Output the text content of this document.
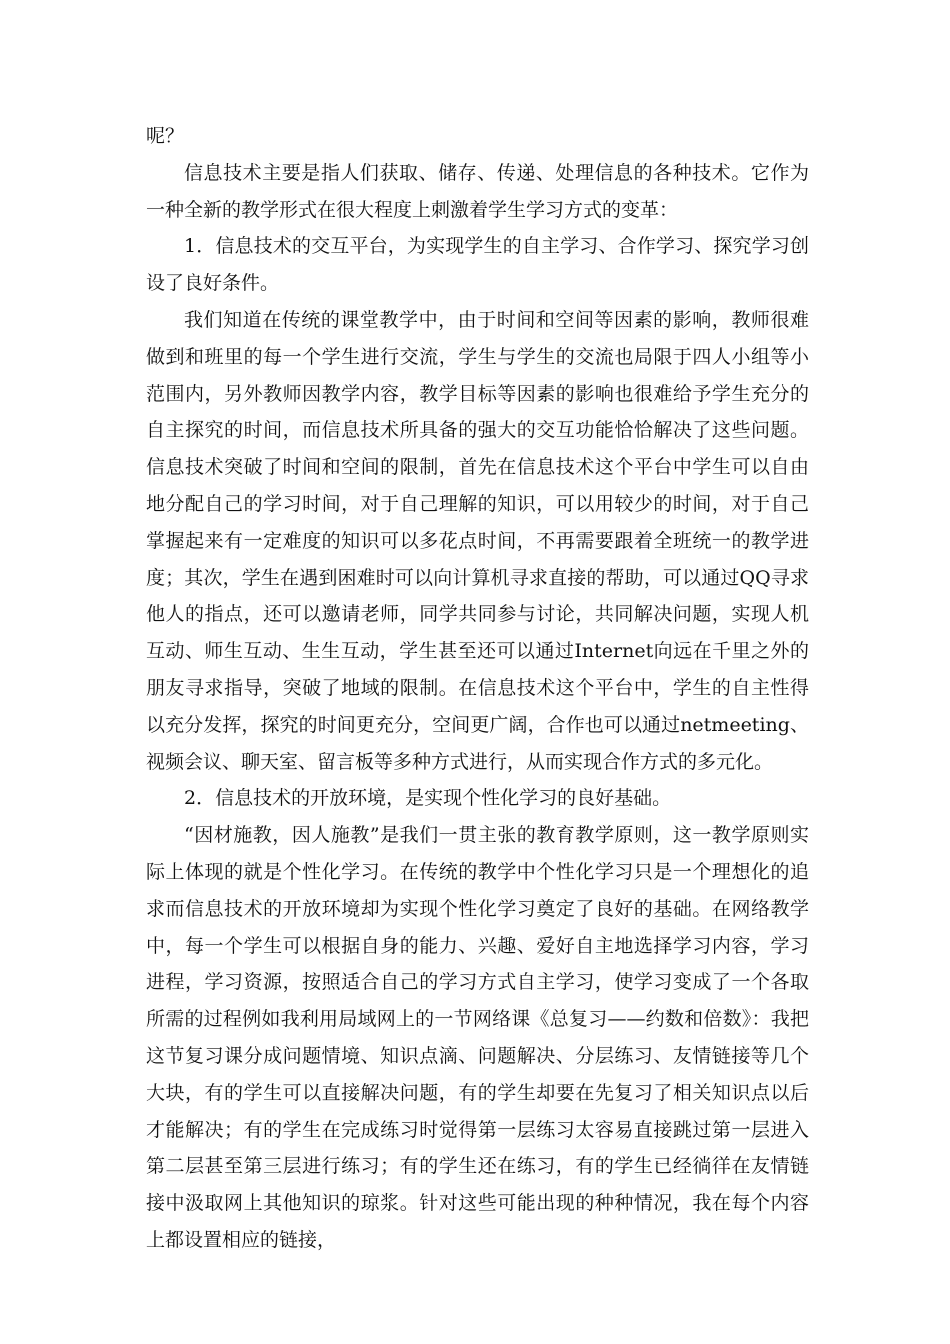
呢？

信息技术主要是指人们获取、储存、传递、处理信息的各种技术。它作为一种全新的教学形式在很大程度上刺激着学生学习方式的变革：

1．信息技术的交互平台，为实现学生的自主学习、合作学习、探究学习创设了良好条件。

我们知道在传统的课堂教学中，由于时间和空间等因素的影响，教师很难做到和班里的每一个学生进行交流，学生与学生的交流也局限于四人小组等小范围内，另外教师因教学内容，教学目标等因素的影响也很难给予学生充分的自主探究的时间，而信息技术所具备的强大的交互功能恰恰解决了这些问题。信息技术突破了时间和空间的限制，首先在信息技术这个平台中学生可以自由地分配自己的学习时间，对于自己理解的知识，可以用较少的时间，对于自己掌握起来有一定难度的知识可以多花点时间，不再需要跟着全班统一的教学进度；其次，学生在遇到困难时可以向计算机寻求直接的帮助，可以通过QQ寻求他人的指点，还可以邀请老师，同学共同参与讨论，共同解决问题，实现人机互动、师生互动、生生互动，学生甚至还可以通过Internet向远在千里之外的朋友寻求指导，突破了地域的限制。在信息技术这个平台中，学生的自主性得以充分发挥，探究的时间更充分，空间更广阔，合作也可以通过netmeeting、视频会议、聊天室、留言板等多种方式进行，从而实现合作方式的多元化。

2．信息技术的开放环境，是实现个性化学习的良好基础。

“因材施教，因人施教”是我们一贯主张的教育教学原则，这一教学原则实际上体现的就是个性化学习。在传统的教学中个性化学习只是一个理想化的追求而信息技术的开放环境却为实现个性化学习奠定了良好的基础。在网络教学中，每一个学生可以根据自身的能力、兴趣、爱好自主地选择学习内容，学习进程，学习资源，按照适合自己的学习方式自主学习，使学习变成了一个各取所需的过程例如我利用局域网上的一节网络课《总复习——约数和倍数》：我把这节复习课分成问题情境、知识点滴、问题解决、分层练习、友情链接等几个大块，有的学生可以直接解决问题，有的学生却要在先复习了相关知识点以后才能解决；有的学生在完成练习时觉得第一层练习太容易直接跳过第一层进入第二层甚至第三层进行练习；有的学生还在练习，有的学生已经徜徉在友情链接中汲取网上其他知识的琼浆。针对这些可能出现的种种情况，我在每个内容上都设置相应的链接，
